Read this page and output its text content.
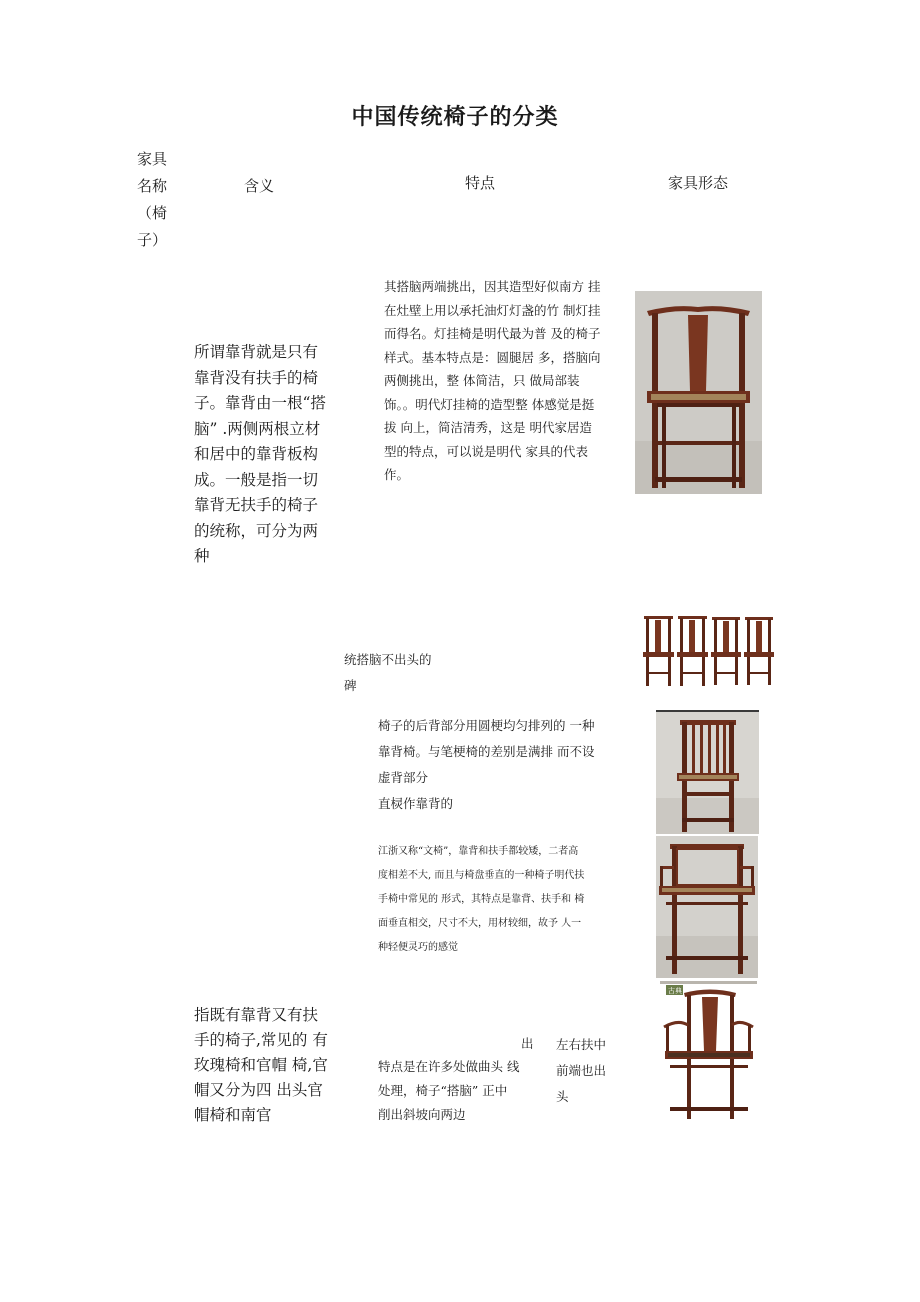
中国传统椅子的分类
家具
名称
（椅
子）
含义	特点	家具形态
所谓靠背就是只有
靠背没有扶手的椅
子。靠背由一根“搭
脑” .两侧两根立材
和居中的靠背板构
成。一般是指一切
靠背无扶手的椅子
的统称，可分为两
种
其搭脑两端挑出，因其造型好似南方 挂
在灶壁上用以承托油灯灯盏的竹 制灯挂
而得名。灯挂椅是明代最为普 及的椅子
样式。基本特点是：圆腿居 多，搭脑向
两侧挑出，整 体简洁，只 做局部装
饰。。明代灯挂椅的造型整 体感觉是挺
拔 向上，简洁清秀，这是 明代家居造
型的特点，可以说是明代 家具的代表
作。
统搭脑不出头的
碑
椅子的后背部分用圆梗均匀排列的 一种
靠背椅。与笔梗椅的差别是满排 而不设
虚背部分
直棂作靠背的
江浙又称“文椅”，靠背和扶手都较矮，二者高
度相差不大, 而且与椅盘垂直的一种椅子明代扶
手椅中常见的 形式，其特点是靠背、扶手和 椅
面垂直相交，尺寸不大，用材较细，故予 人一
种轻便灵巧的感觉
指既有靠背又有扶
手的椅子,常见的 有
玫瑰椅和官帽 椅,官
帽又分为四 出头官
帽椅和南官
出
特点是在许多处做曲头 线
处理，椅子“搭脑” 正中
削出斜坡向两边
左右扶中
前端也出
头
古典
